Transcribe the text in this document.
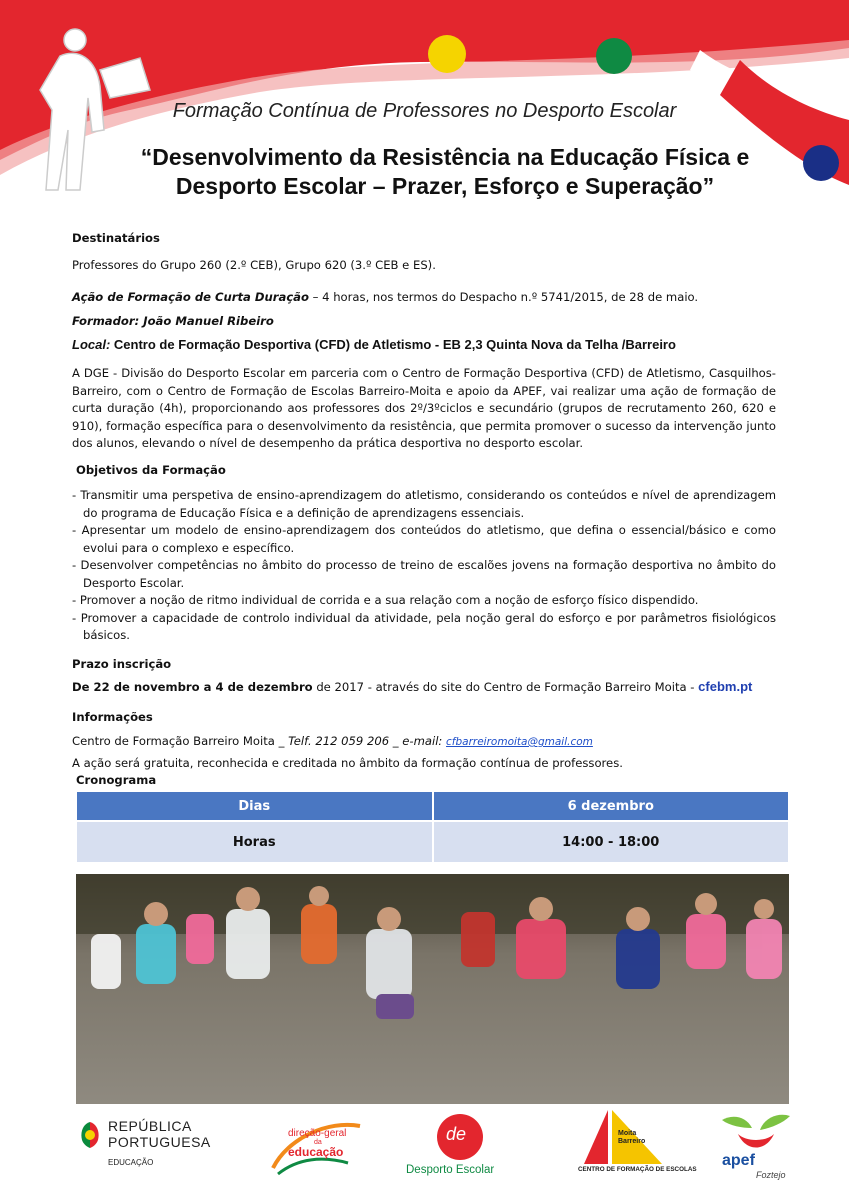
Formação Contínua de Professores no Desporto Escolar
“Desenvolvimento da Resistência na Educação Física e
Desporto Escolar – Prazer, Esforço e Superação”
Destinatários
Professores do Grupo 260 (2.º CEB), Grupo 620 (3.º CEB e ES).
Ação de Formação de Curta Duração – 4 horas, nos termos do Despacho n.º 5741/2015, de 28 de maio.
Formador: João Manuel Ribeiro
Local: Centro de Formação Desportiva (CFD) de Atletismo - EB 2,3 Quinta Nova da Telha /Barreiro
A DGE - Divisão do Desporto Escolar em parceria com o Centro de Formação Desportiva (CFD) de Atletismo, Casquilhos-Barreiro, com o Centro de Formação de Escolas Barreiro-Moita e apoio da APEF, vai realizar uma ação de formação de curta duração (4h), proporcionando aos professores dos 2º/3ºciclos e secundário (grupos de recrutamento 260, 620 e 910), formação específica para o desenvolvimento da resistência, que permita promover o sucesso da intervenção junto dos alunos, elevando o nível de desempenho da prática desportiva no desporto escolar.
Objetivos da Formação
- Transmitir uma perspetiva de ensino-aprendizagem do atletismo, considerando os conteúdos e nível de aprendizagem do programa de Educação Física e a definição de aprendizagens essenciais.
- Apresentar um modelo de ensino-aprendizagem dos conteúdos do atletismo, que defina o essencial/básico e como evolui para o complexo e específico.
- Desenvolver competências no âmbito do processo de treino de escalões jovens na formação desportiva no âmbito do Desporto Escolar.
- Promover a noção de ritmo individual de corrida e a sua relação com a noção de esforço físico dispendido.
- Promover a capacidade de controlo individual da atividade, pela noção geral do esforço e por parâmetros fisiológicos básicos.
Prazo inscrição
De 22 de novembro a 4 de dezembro de 2017 - através do site do Centro de Formação Barreiro Moita - cfebm.pt
Informações
Centro de Formação Barreiro Moita _ Telf. 212 059 206 _ e-mail: cfbarreiromoita@gmail.com
A ação será gratuita, reconhecida e creditada no âmbito da formação contínua de professores.
Cronograma
Dias	6 dezembro
Horas	14:00 - 18:00
REPÚBLICA
PORTUGUESA
EDUCAÇÃO
direção-geral
da
educação
de
Desporto Escolar
Moita
Barreiro
CENTRO DE FORMAÇÃO DE ESCOLAS
apef
Foztejo
